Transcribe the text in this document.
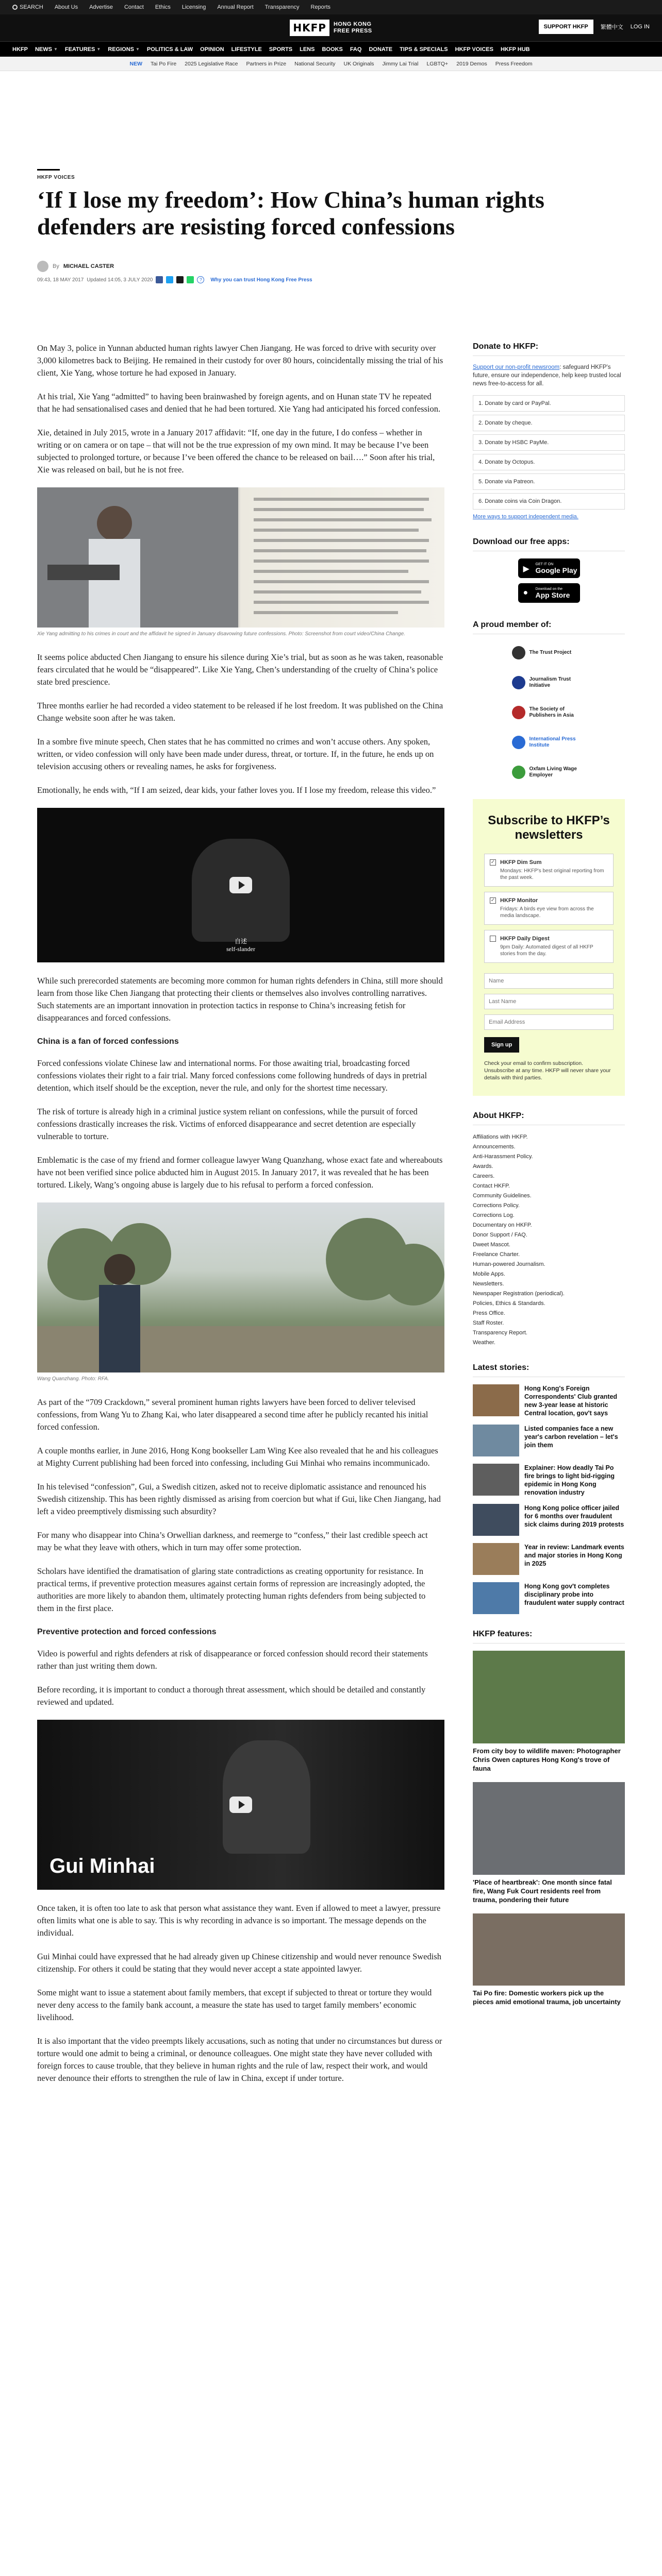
SEARCH About Us Advertise Contact Ethics Licensing Annual Report Transparency Reports
HKFP	HONG KONG
FREE PRESS
SUPPORT HKFP	繁體中文 LOG IN
HKFP NEWS ▼ FEATURES ▼ REGIONS ▼ POLITICS & LAW OPINION LIFESTYLE SPORTS LENS BOOKS FAQ DONATE TIPS & SPECIALS HKFP VOICES HKFP HUB
NEW Tai Po Fire 2025 Legislative Race Partners in Prize National Security UK Originals Jimmy Lai Trial LGBTQ+ 2019 Demos Press Freedom
HKFP VOICES
‘If I lose my freedom’: How China’s human rights defenders are resisting forced confessions
By MICHAEL CASTER
09:43, 18 MAY 2017 Updated 14:05, 3 JULY 2020	?	Why you can trust Hong Kong Free Press

On May 3, police in Yunnan abducted human rights lawyer Chen Jiangang. He was forced to drive with security over 3,000 kilometres back to Beijing. He remained in their custody for over 80 hours, coincidentally missing the trial of his client, Xie Yang, whose torture he had exposed in January.

At his trial, Xie Yang “admitted” to having been brainwashed by foreign agents, and on Hunan state TV he repeated that he had sensationalised cases and denied that he had been tortured. Xie Yang had anticipated his forced confession.

Xie, detained in July 2015, wrote in a January 2017 affidavit: “If, one day in the future, I do confess – whether in writing or on camera or on tape – that will not be the true expression of my own mind. It may be because I’ve been subjected to prolonged torture, or because I’ve been offered the chance to be released on bail….” Soon after his trial, Xie was released on bail, but he is not free.

Xie Yang admitting to his crimes in court and the affidavit he signed in January disavowing future confessions. Photo: Screenshot from court video/China Change.

It seems police abducted Chen Jiangang to ensure his silence during Xie’s trial, but as soon as he was taken, reasonable fears circulated that he would be “disappeared”. Like Xie Yang, Chen’s understanding of the cruelty of China’s police state bred prescience.

Three months earlier he had recorded a video statement to be released if he lost freedom. It was published on the China Change website soon after he was taken.

In a sombre five minute speech, Chen states that he has committed no crimes and won’t accuse others. Any spoken, written, or video confession will only have been made under duress, threat, or torture. If, in the future, he ends up on television accusing others or revealing names, he asks for forgiveness.

Emotionally, he ends with, “If I am seized, dear kids, your father loves you. If I lose my freedom, release this video.”

自述
self-slander

While such prerecorded statements are becoming more common for human rights defenders in China, still more should learn from those like Chen Jiangang that protecting their clients or themselves also involves controlling narratives. Such statements are an important innovation in protection tactics in response to China’s increasing fetish for disappearances and forced confessions.

China is a fan of forced confessions

Forced confessions violate Chinese law and international norms. For those awaiting trial, broadcasting forced confessions violates their right to a fair trial. Many forced confessions come following hundreds of days in pretrial detention, which itself should be the exception, never the rule, and only for the shortest time necessary.

The risk of torture is already high in a criminal justice system reliant on confessions, while the pursuit of forced confessions drastically increases the risk. Victims of enforced disappearance and secret detention are especially vulnerable to torture.

Emblematic is the case of my friend and former colleague lawyer Wang Quanzhang, whose exact fate and whereabouts have not been verified since police abducted him in August 2015. In January 2017, it was revealed that he has been tortured. Likely, Wang’s ongoing abuse is largely due to his refusal to perform a forced confession.

Wang Quanzhang. Photo: RFA.

As part of the “709 Crackdown,” several prominent human rights lawyers have been forced to deliver televised confessions, from Wang Yu to Zhang Kai, who later disappeared a second time after he publicly recanted his initial forced confession.

A couple months earlier, in June 2016, Hong Kong bookseller Lam Wing Kee also revealed that he and his colleagues at Mighty Current publishing had been forced into confessing, including Gui Minhai who remains incommunicado.

In his televised “confession”, Gui, a Swedish citizen, asked not to receive diplomatic assistance and renounced his Swedish citizenship. This has been rightly dismissed as arising from coercion but what if Gui, like Chen Jiangang, had left a video preemptively dismissing such absurdity?

For many who disappear into China’s Orwellian darkness, and reemerge to “confess,” their last credible speech act may be what they leave with others, which in turn may offer some protection.

Scholars have identified the dramatisation of glaring state contradictions as creating opportunity for resistance. In practical terms, if preventive protection measures against certain forms of repression are increasingly adopted, the authorities are more likely to abandon them, ultimately protecting human rights defenders from being subjected to them in the first place.

Preventive protection and forced confessions

Video is powerful and rights defenders at risk of disappearance or forced confession should record their statements rather than just writing them down.

Before recording, it is important to conduct a thorough threat assessment, which should be detailed and constantly reviewed and updated.

Gui Minhai

Once taken, it is often too late to ask that person what assistance they want. Even if allowed to meet a lawyer, pressure often limits what one is able to say. This is why recording in advance is so important. The message depends on the individual.

Gui Minhai could have expressed that he had already given up Chinese citizenship and would never renounce Swedish citizenship. For others it could be stating that they would never accept a state appointed lawyer.

Some might want to issue a statement about family members, that except if subjected to threat or torture they would never deny access to the family bank account, a measure the state has used to target family members’ economic livelihood.

It is also important that the video preempts likely accusations, such as noting that under no circumstances but duress or torture would one admit to being a criminal, or denounce colleagues. One might state they have never colluded with foreign forces to cause trouble, that they believe in human rights and the rule of law, respect their work, and would never denounce their efforts to strengthen the rule of law in China, except if under torture.

Donate to HKFP:
Support our non-profit newsroom: safeguard HKFP's future, ensure our independence, help keep trusted local news free-to-access for all.
1. Donate by card or PayPal.
2. Donate by cheque.
3. Donate by HSBC PayMe.
4. Donate by Octopus.
5. Donate via Patreon.
6. Donate coins via Coin Dragon.
More ways to support independent media.
Download our free apps:
▶
GET IT ON
Google Play
● Download on the
App Store
A proud member of:
The Trust Project
Journalism Trust Initiative
The Society of Publishers in Asia
International Press Institute
Oxfam Living Wage Employer
Subscribe to HKFP’s newsletters
✓ HKFP Dim Sum
Mondays: HKFP's best original reporting from the past week.
✓ HKFP Monitor
Fridays: A birds eye view from across the media landscape.
HKFP Daily Digest
9pm Daily: Automated digest of all HKFP stories from the day.
Name Last Name Email Address Sign up
Check your email to confirm subscription. Unsubscribe at any time. HKFP will never share your details with third parties.
About HKFP:
Affiliations with HKFP.
Announcements.
Anti-Harassment Policy.
Awards.
Careers.
Contact HKFP.
Community Guidelines.
Corrections Policy.
Corrections Log.
Documentary on HKFP.
Donor Support / FAQ.
Dweet Mascot.
Freelance Charter.
Human-powered Journalism.
Mobile Apps.
Newsletters.
Newspaper Registration (periodical).
Policies, Ethics & Standards.
Press Office.
Staff Roster.
Transparency Report.
Weather.
Latest stories:
Hong Kong's Foreign Correspondents' Club granted new 3-year lease at historic Central location, gov't says
Listed companies face a new year's carbon revelation – let's join them
Explainer: How deadly Tai Po fire brings to light bid-rigging epidemic in Hong Kong renovation industry
Hong Kong police officer jailed for 6 months over fraudulent sick claims during 2019 protests
Year in review: Landmark events and major stories in Hong Kong in 2025
Hong Kong gov't completes disciplinary probe into fraudulent water supply contract
HKFP features:
From city boy to wildlife maven: Photographer Chris Owen captures Hong Kong's trove of fauna
'Place of heartbreak': One month since fatal fire, Wang Fuk Court residents reel from trauma, pondering their future
Tai Po fire: Domestic workers pick up the pieces amid emotional trauma, job uncertainty
